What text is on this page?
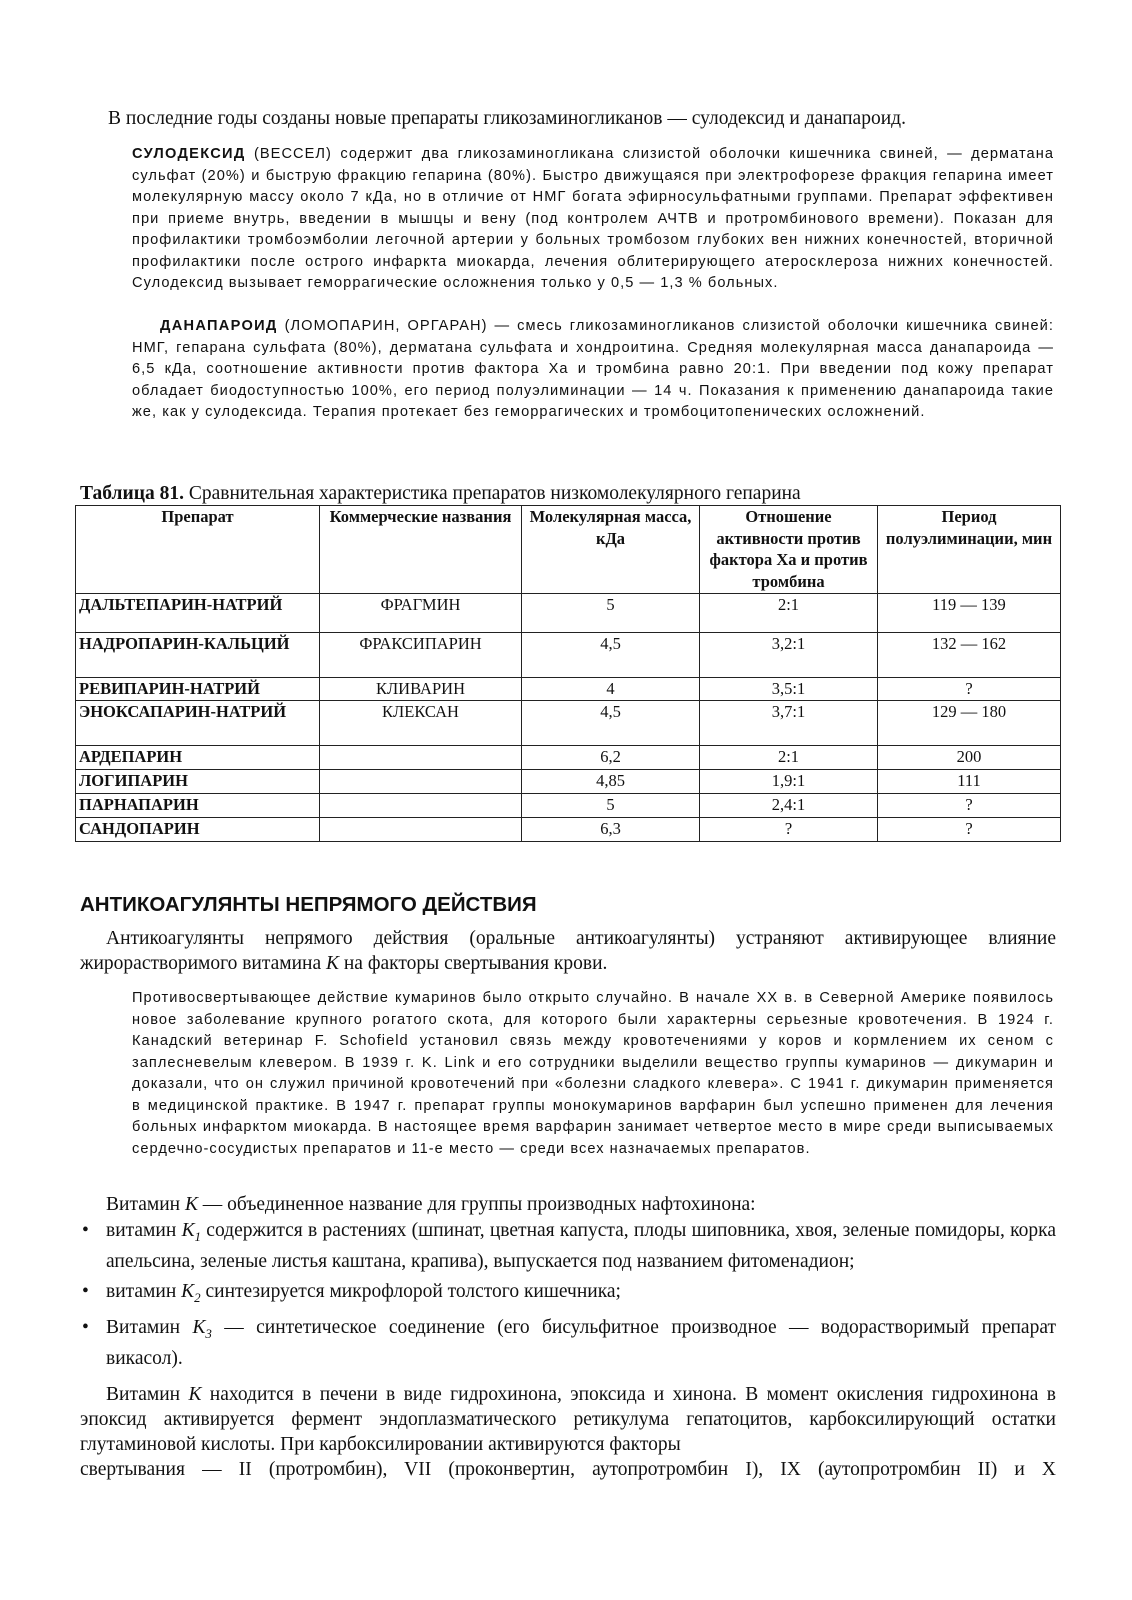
В последние годы созданы новые препараты гликозаминогликанов — сулодексид и данапароид.
СУЛОДЕКСИД (ВЕССЕЛ) содержит два гликозаминогликана слизистой оболочки кишечника свиней, — дерматана сульфат (20%) и быструю фракцию гепарина (80%). Быстро движущаяся при электрофорезе фракция гепарина имеет молекулярную массу около 7 кДа, но в отличие от НМГ богата эфирносульфатными группами. Препарат эффективен при приеме внутрь, введении в мышцы и вену (под контролем АЧТВ и протромбинового времени). Показан для профилактики тромбоэмболии легочной артерии у больных тромбозом глубоких вен нижних конечностей, вторичной профилактики после острого инфаркта миокарда, лечения облитерирующего атеросклероза нижних конечностей. Сулодексид вызывает геморрагические осложнения только у 0,5 — 1,3 % больных.
ДАНАПАРОИД (ЛОМОПАРИН, ОРГАРАН) — смесь гликозаминогликанов слизистой оболочки кишечника свиней: НМГ, гепарана сульфата (80%), дерматана сульфата и хондроитина. Средняя молекулярная масса данапароида — 6,5 кДа, соотношение активности против фактора Ха и тромбина равно 20:1. При введении под кожу препарат обладает биодоступностью 100%, его период полуэлиминации — 14 ч. Показания к применению данапароида такие же, как у сулодексида. Терапия протекает без геморрагических и тромбоцитопенических осложнений.
Таблица 81. Сравнительная характеристика препаратов низкомолекулярного гепарина
Препарат	Коммерческие названия	Молекулярная масса, кДа	Отношение активности против фактора Ха и против тромбина	Период полуэлиминации, мин
ДАЛЬТЕПАРИН-НАТРИЙ	ФРАГМИН	5	2:1	119 — 139
НАДРОПАРИН-КАЛЬЦИЙ	ФРАКСИПАРИН	4,5	3,2:1	132 — 162
РЕВИПАРИН-НАТРИЙ	КЛИВАРИН	4	3,5:1	?
ЭНОКСАПАРИН-НАТРИЙ	КЛЕКСАН	4,5	3,7:1	129 — 180
АРДЕПАРИН		6,2	2:1	200
ЛОГИПАРИН		4,85	1,9:1	111
ПАРНАПАРИН		5	2,4:1	?
САНДОПАРИН		6,3	?	?
АНТИКОАГУЛЯНТЫ НЕПРЯМОГО ДЕЙСТВИЯ
Антикоагулянты непрямого действия (оральные антикоагулянты) устраняют активирующее влияние жирорастворимого витамина К на факторы свертывания крови.
Противосвертывающее действие кумаринов было открыто случайно. В начале XX в. в Северной Америке появилось новое заболевание крупного рогатого скота, для которого были характерны серьезные кровотечения. В 1924 г. Канадский ветеринар F. Schofield установил связь между кровотечениями у коров и кормлением их сеном с заплесневелым клевером. В 1939 г. K. Link и его сотрудники выделили вещество группы кумаринов — дикумарин и доказали, что он служил причиной кровотечений при «болезни сладкого клевера». С 1941 г. дикумарин применяется в медицинской практике. В 1947 г. препарат группы монокумаринов варфарин был успешно применен для лечения больных инфарктом миокарда. В настоящее время варфарин занимает четвертое место в мире среди выписываемых сердечно-сосудистых препаратов и 11-е место — среди всех назначаемых препаратов.
Витамин К — объединенное название для группы производных нафтохинона:
• витамин $К_1$ содержится в растениях (шпинат, цветная капуста, плоды шиповника, хвоя, зеленые помидоры, корка апельсина, зеленые листья каштана, крапива), выпускается под названием фитоменадион;
• витамин $К_2$ синтезируется микрофлорой толстого кишечника;
• Витамин $К_3$ — синтетическое соединение (его бисульфитное производное — водорастворимый препарат викасол).
Витамин К находится в печени в виде гидрохинона, эпоксида и хинона. В момент окисления гидрохинона в эпоксид активируется фермент эндоплазматического ретикулума гепатоцитов, карбоксилирующий остатки глутаминовой кислоты. При карбоксилировании активируются факторы
свертывания — II (протромбин), VII (проконвертин, аутопротромбин I), IX (аутопротромбин II) и X
